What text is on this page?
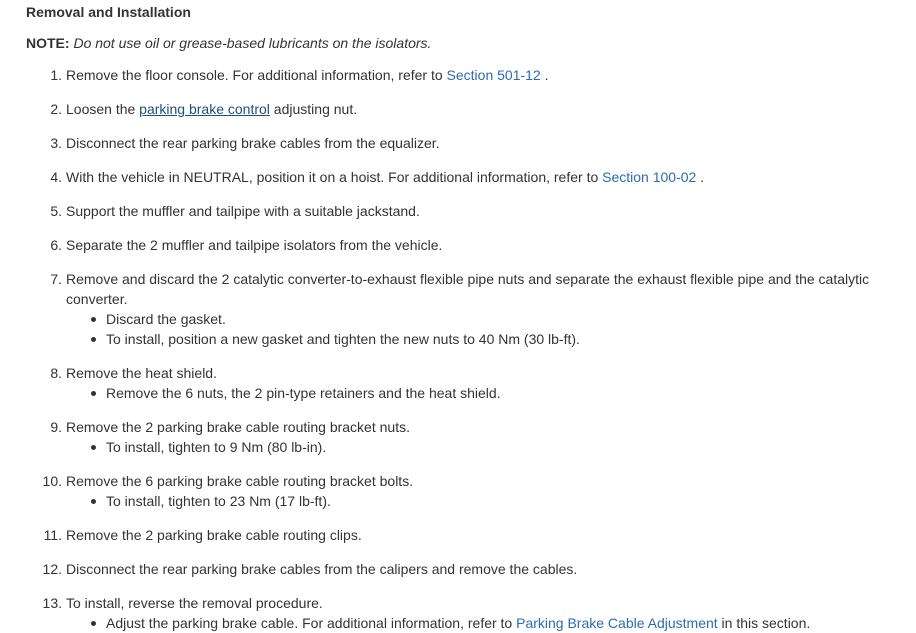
Removal and Installation
NOTE: Do not use oil or grease-based lubricants on the isolators.
1. Remove the floor console. For additional information, refer to Section 501-12 .
2. Loosen the parking brake control adjusting nut.
3. Disconnect the rear parking brake cables from the equalizer.
4. With the vehicle in NEUTRAL, position it on a hoist. For additional information, refer to Section 100-02 .
5. Support the muffler and tailpipe with a suitable jackstand.
6. Separate the 2 muffler and tailpipe isolators from the vehicle.
7. Remove and discard the 2 catalytic converter-to-exhaust flexible pipe nuts and separate the exhaust flexible pipe and the catalytic converter.
Discard the gasket.
To install, position a new gasket and tighten the new nuts to 40 Nm (30 lb-ft).
8. Remove the heat shield.
Remove the 6 nuts, the 2 pin-type retainers and the heat shield.
9. Remove the 2 parking brake cable routing bracket nuts.
To install, tighten to 9 Nm (80 lb-in).
10. Remove the 6 parking brake cable routing bracket bolts.
To install, tighten to 23 Nm (17 lb-ft).
11. Remove the 2 parking brake cable routing clips.
12. Disconnect the rear parking brake cables from the calipers and remove the cables.
13. To install, reverse the removal procedure.
Adjust the parking brake cable. For additional information, refer to Parking Brake Cable Adjustment in this section.
